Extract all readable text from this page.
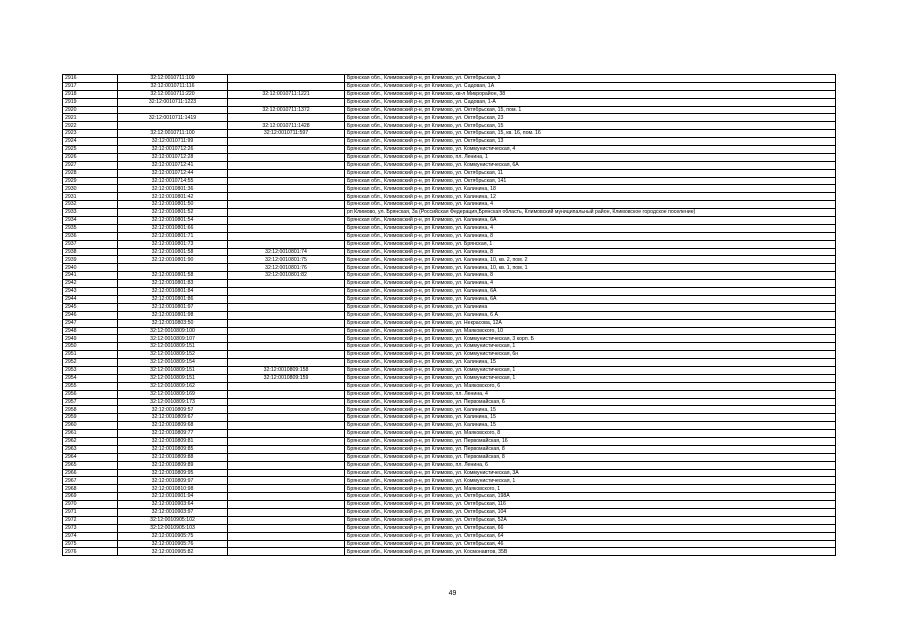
2916	32:12:0010711:109		Брянская обл., Климовский р-н, рп Климово, ул. Октябрьская, 3
2917	32:12:0010711:116		Брянская обл., Климовский р-н, рп Климово, ул. Садовая, 1А
2918	32:12:0010711:220	32:12:0010711:1221	Брянская обл., Климовский р-н, рп Климово, кв-л Микрорайон, 38
2919	32:12:0010711:1223		Брянская обл., Климовский р-н, рп Климово, ул. Садовая, 1-А
2920		32:12:0010711:1372	Брянская обл., Климовский р-н, рп Климово, ул. Октябрьская, 15, пом. 1
2921	32:12:0010711:1419		Брянская обл., Климовский р-н, рп Климово, ул. Октябрьская, 23
2922		32:12:0010711:1428	Брянская обл., Климовский р-н, рп Климово, ул. Октябрьская, 15
2923	32:12:0010711:100	32:12:0010711:597	Брянская обл., Климовский р-н, рп Климово, ул. Октябрьская, 15, кв. 16, пом. 16
2924	32:12:0010711:99		Брянская обл., Климовский р-н, рп Климово, ул. Октябрьская, 13
2925	32:12:0010712:26		Брянская обл., Климовский р-н, рп Климово, ул. Коммунистическая, 4
2926	32:12:0010712:28		Брянская обл., Климовский р-н, рп Климово, пл. Ленина, 1
2927	32:12:0010712:41		Брянская обл., Климовский р-н, рп Климово, ул. Коммунистическая, 6А
2928	32:12:0010712:44		Брянская обл., Климовский р-н, рп Климово, ул. Октябрьская, 11
2929	32:12:0010714:55		Брянская обл., Климовский р-н, рп Климово, ул. Октябрьская, 141
2930	32:12:0010801:36		Брянская обл., Климовский р-н, рп Климово, ул. Калинина, 18
2931	32:12:0010801:42		Брянская обл., Климовский р-н, рп Климово, ул. Калинина, 12
2932	32:12:0010801:50		Брянская обл., Климовский р-н, рп Климово, ул. Калинина, 4
2933	32:12:0010801:52		рп Климово, ул. Брянская, 3а (Российская Федерация,Брянская область, Климовский муниципальный район, Климовское городское поселение)
2934	32:12:0010801:54		Брянская обл., Климовский р-н, рп Климово, ул. Калинина, 6А
2935	32:12:0010801:66		Брянская обл., Климовский р-н, рп Климово, ул. Калинина, 4
2936	32:12:0010801:71		Брянская обл., Климовский р-н, рп Климово, ул. Калинина, 8
2937	32:12:0010801:73		Брянская обл., Климовский р-н, рп Климово, ул. Брянская, 1
2938	32:12:0010801:58	32:12:0010801:74	Брянская обл., Климовский р-н, рп Климово, ул. Калинина, 8
2939	32:12:0010801:90	32:12:0010801:75	Брянская обл., Климовский р-н, рп Климово, ул. Калинина, 10, кв. 2, пом. 2
2940		32:12:0010801:76	Брянская обл., Климовский р-н, рп Климово, ул. Калинина, 10, кв. 1, пом. 1
2941	32:12:0010801:58	32:12:0010801:82	Брянская обл., Климовский р-н, рп Климово, ул. Калинина, 8
2942	32:12:0010801:83		Брянская обл., Климовский р-н, рп Климово, ул. Калинина, 4
2943	32:12:0010801:84		Брянская обл., Климовский р-н, рп Климово, ул. Калинина, 6А
2944	32:12:0010801:86		Брянская обл., Климовский р-н, рп Климово, ул. Калинина, 6А
2945	32:12:0010801:97		Брянская обл., Климовский р-н, рп Климово, ул. Калинина
2946	32:12:0010801:98		Брянская обл., Климовский р-н, рп Климово, ул. Калинина, 6 А
2947	32:12:0010803:50		Брянская обл., Климовский р-н, рп Климово, ул. Некрасова, 12А
2948	32:12:0010809:100		Брянская обл., Климовский р-н, рп Климово, ул. Маяковского, 10
2949	32:12:0010809:107		Брянская обл., Климовский р-н, рп Климово, ул. Коммунистическая, 3 корп. Б
2950	32:12:0010809:151		Брянская обл., Климовский р-н, рп Климово, ул. Коммунистическая, 1
2951	32:12:0010809:152		Брянская обл., Климовский р-н, рп Климово, ул. Коммунистическая, 6н
2952	32:12:0010809:154		Брянская обл., Климовский р-н, рп Климово, ул. Калинина, 15
2953	32:12:0010809:151	32:12:0010809:158	Брянская обл., Климовский р-н, рп Климово, ул. Коммунистическая, 1
2954	32:12:0010809:151	32:12:0010809:159	Брянская обл., Климовский р-н, рп Климово, ул. Коммунистическая, 1
2955	32:12:0010809:162		Брянская обл., Климовский р-н, рп Климово, ул. Маяковского, 6
2956	32:12:0010809:169		Брянская обл., Климовский р-н, рп Климово, пл. Ленина, 4
2957	32:12:0010809:173		Брянская обл., Климовский р-н, рп Климово, ул. Первомайская, 6
2958	32:12:0010809:57		Брянская обл., Климовский р-н, рп Климово, ул. Калинина, 15
2959	32:12:0010809:67		Брянская обл., Климовский р-н, рп Климово, ул. Калинина, 15
2960	32:12:0010809:68		Брянская обл., Климовский р-н, рп Климово, ул. Калинина, 15
2961	32:12:0010809:77		Брянская обл., Климовский р-н, рп Климово, ул. Маяковского, 8
2962	32:12:0010809:81		Брянская обл., Климовский р-н, рп Климово, ул. Первомайская, 16
2963	32:12:0010809:85		Брянская обл., Климовский р-н, рп Климово, ул. Первомайская, 8
2964	32:12:0010809:88		Брянская обл., Климовский р-н, рп Климово, ул. Первомайская, 8
2965	32:12:0010809:89		Брянская обл., Климовский р-н, рп Климово, пл. Ленина, 6
2966	32:12:0010809:95		Брянская обл., Климовский р-н, рп Климово, ул. Коммунистическая, 3А
2967	32:12:0010809:97		Брянская обл., Климовский р-н, рп Климово, ул. Коммунистическая, 1
2968	32:12:0010810:98		Брянская обл., Климовский р-н, рп Климово, ул. Маяковского, 1
2969	32:12:0010901:94		Брянская обл., Климовский р-н, рп Климово, ул. Октябрьская, 198А
2970	32:12:0010903:64		Брянская обл., Климовский р-н, рп Климово, ул. Октябрьская, 116
2971	32:12:0010903:97		Брянская обл., Климовский р-н, рп Климово, ул. Октябрьская, 104
2972	32:12:0010905:102		Брянская обл., Климовский р-н, рп Климово, ул. Октябрьская, 52А
2973	32:12:0010905:103		Брянская обл., Климовский р-н, рп Климово, ул. Октябрьская, 66
2974	32:12:0010905:75		Брянская обл., Климовский р-н, рп Климово, ул. Октябрьская, 64
2975	32:12:0010905:76		Брянская обл., Климовский р-н, рп Климово, ул. Октябрьская, 46
2976	32:12:0010905:82		Брянская обл., Климовский р-н, рп Климово, ул. Космонавтов, 35В
49
